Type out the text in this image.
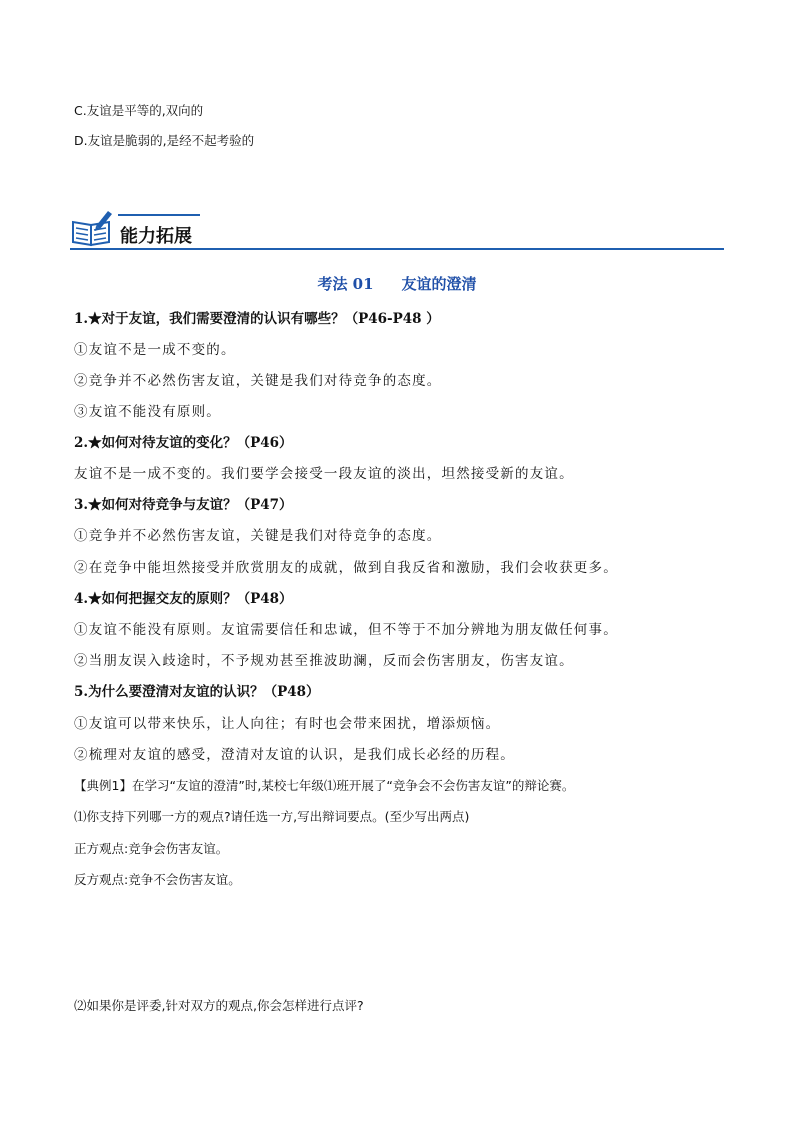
C.友谊是平等的,双向的
D.友谊是脆弱的,是经不起考验的
能力拓展
考法 01 友谊的澄清
1.★对于友谊，我们需要澄清的认识有哪些？（P46-P48 ）
①友谊不是一成不变的。
②竞争并不必然伤害友谊，关键是我们对待竞争的态度。
③友谊不能没有原则。
2.★如何对待友谊的变化？（P46）
友谊不是一成不变的。我们要学会接受一段友谊的淡出，坦然接受新的友谊。
3.★如何对待竞争与友谊？（P47）
①竞争并不必然伤害友谊，关键是我们对待竞争的态度。
②在竞争中能坦然接受并欣赏朋友的成就，做到自我反省和激励，我们会收获更多。
4.★如何把握交友的原则？（P48）
①友谊不能没有原则。友谊需要信任和忠诚，但不等于不加分辨地为朋友做任何事。
②当朋友误入歧途时，不予规劝甚至推波助澜，反而会伤害朋友，伤害友谊。
5.为什么要澄清对友谊的认识？（P48）
①友谊可以带来快乐，让人向往；有时也会带来困扰，增添烦恼。
②梳理对友谊的感受，澄清对友谊的认识，是我们成长必经的历程。
【典例1】在学习“友谊的澄清”时,某校七年级⑴班开展了“竞争会不会伤害友谊”的辩论赛。
⑴你支持下列哪一方的观点?请任选一方,写出辩词要点。(至少写出两点)
正方观点:竞争会伤害友谊。
反方观点:竞争不会伤害友谊。
⑵如果你是评委,针对双方的观点,你会怎样进行点评?
